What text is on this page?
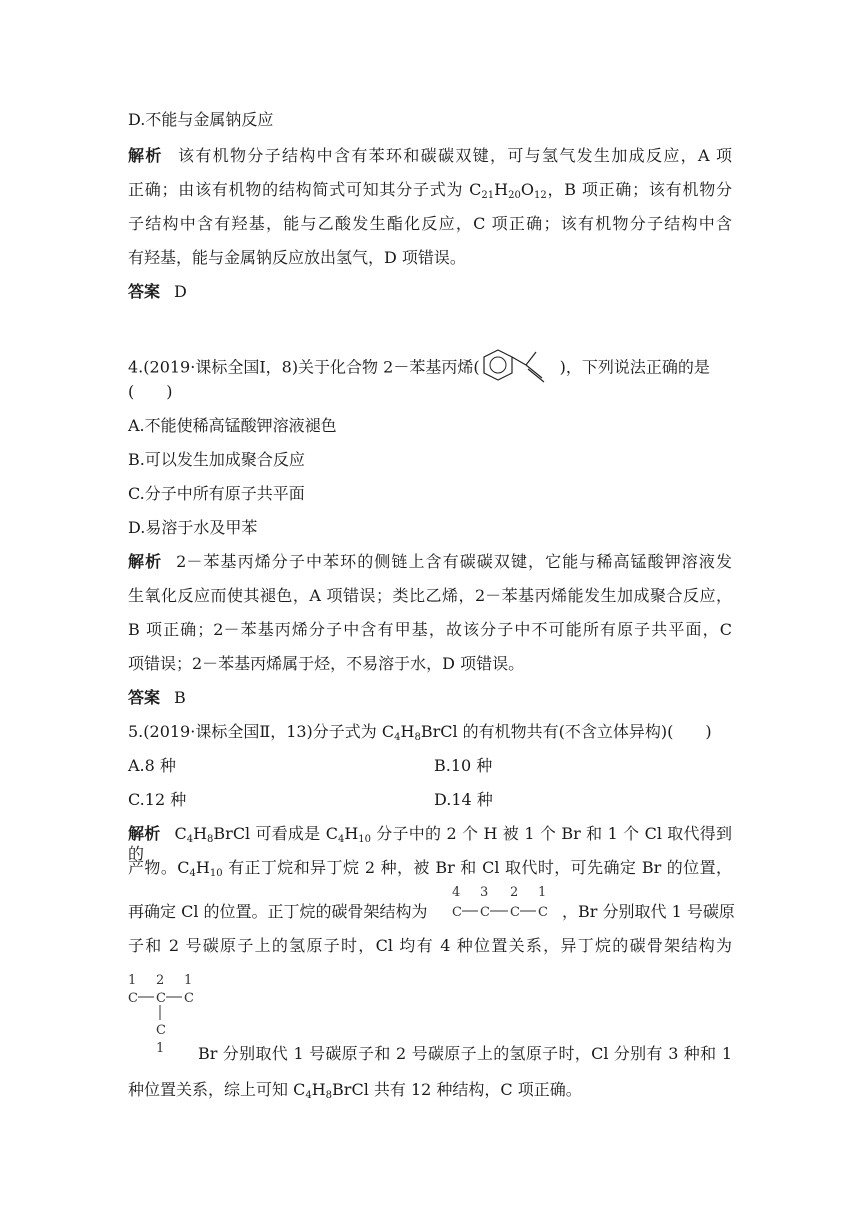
D.不能与金属钠反应
解析 该有机物分子结构中含有苯环和碳碳双键，可与氢气发生加成反应，A 项
正确；由该有机物的结构简式可知其分子式为 $C_{21}H_{20}O_{12}$，B 项正确；该有机物分
子结构中含有羟基，能与乙酸发生酯化反应，C 项正确；该有机物分子结构中含
有羟基，能与金属钠反应放出氢气，D 项错误。
答案 D
4.(2019·课标全国Ⅰ，8)关于化合物 2－苯基丙烯(	)，下列说法正确的是
(　　)
A.不能使稀高锰酸钾溶液褪色
B.可以发生加成聚合反应
C.分子中所有原子共平面
D.易溶于水及甲苯
解析 2－苯基丙烯分子中苯环的侧链上含有碳碳双键，它能与稀高锰酸钾溶液发
生氧化反应而使其褪色，A 项错误；类比乙烯，2－苯基丙烯能发生加成聚合反应，
B 项正确；2－苯基丙烯分子中含有甲基，故该分子中不可能所有原子共平面，C
项错误；2－苯基丙烯属于烃，不易溶于水，D 项错误。
答案 B
5.(2019·课标全国Ⅱ，13)分子式为 $C_4H_8BrCl$ 的有机物共有(不含立体异构)(　　)
A.8 种	B.10 种
C.12 种	D.14 种
解析 $C_4H_8BrCl$ 可看成是 $C_4H_{10}$ 分子中的 2 个 H 被 1 个 Br 和 1 个 Cl 取代得到的
产物。$C_4H_{10}$ 有正丁烷和异丁烷 2 种，被 Br 和 Cl 取代时，可先确定 Br 的位置，
再确定 Cl 的位置。正丁烷的碳骨架结构为
4 3 2 1
C C C C ，Br 分别取代 1 号碳原
子和 2 号碳原子上的氢原子时，Cl 均有 4 种位置关系，异丁烷的碳骨架结构为
1 2 1
C C C
C
1 Br 分别取代 1 号碳原子和 2 号碳原子上的氢原子时，Cl 分别有 3 种和 1
种位置关系，综上可知 $C_4H_8BrCl$ 共有 12 种结构，C 项正确。
